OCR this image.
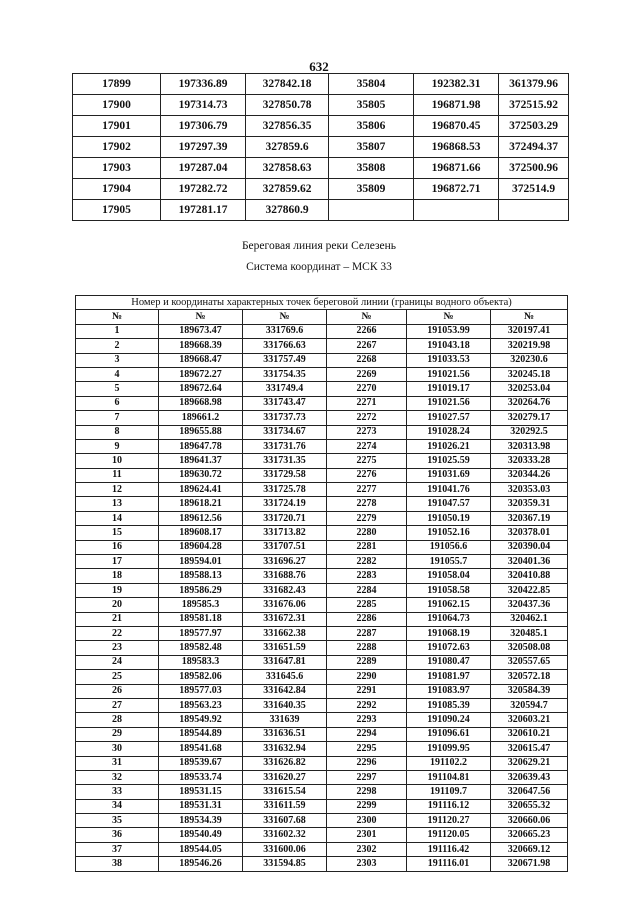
632
17899	197336.89	327842.18	35804	192382.31	361379.96
17900	197314.73	327850.78	35805	196871.98	372515.92
17901	197306.79	327856.35	35806	196870.45	372503.29
17902	197297.39	327859.6	35807	196868.53	372494.37
17903	197287.04	327858.63	35808	196871.66	372500.96
17904	197282.72	327859.62	35809	196872.71	372514.9
17905	197281.17	327860.9			
Береговая линия реки Селезень
Система координат – МСК 33
Номер и координаты характерных точек береговой линии (границы водного объекта)					
№	№	№	№	№	№
1	189673.47	331769.6	2266	191053.99	320197.41
2	189668.39	331766.63	2267	191043.18	320219.98
3	189668.47	331757.49	2268	191033.53	320230.6
4	189672.27	331754.35	2269	191021.56	320245.18
5	189672.64	331749.4	2270	191019.17	320253.04
6	189668.98	331743.47	2271	191021.56	320264.76
7	189661.2	331737.73	2272	191027.57	320279.17
8	189655.88	331734.67	2273	191028.24	320292.5
9	189647.78	331731.76	2274	191026.21	320313.98
10	189641.37	331731.35	2275	191025.59	320333.28
11	189630.72	331729.58	2276	191031.69	320344.26
12	189624.41	331725.78	2277	191041.76	320353.03
13	189618.21	331724.19	2278	191047.57	320359.31
14	189612.56	331720.71	2279	191050.19	320367.19
15	189608.17	331713.82	2280	191052.16	320378.01
16	189604.28	331707.51	2281	191056.6	320390.04
17	189594.01	331696.27	2282	191055.7	320401.36
18	189588.13	331688.76	2283	191058.04	320410.88
19	189586.29	331682.43	2284	191058.58	320422.85
20	189585.3	331676.06	2285	191062.15	320437.36
21	189581.18	331672.31	2286	191064.73	320462.1
22	189577.97	331662.38	2287	191068.19	320485.1
23	189582.48	331651.59	2288	191072.63	320508.08
24	189583.3	331647.81	2289	191080.47	320557.65
25	189582.06	331645.6	2290	191081.97	320572.18
26	189577.03	331642.84	2291	191083.97	320584.39
27	189563.23	331640.35	2292	191085.39	320594.7
28	189549.92	331639	2293	191090.24	320603.21
29	189544.89	331636.51	2294	191096.61	320610.21
30	189541.68	331632.94	2295	191099.95	320615.47
31	189539.67	331626.82	2296	191102.2	320629.21
32	189533.74	331620.27	2297	191104.81	320639.43
33	189531.15	331615.54	2298	191109.7	320647.56
34	189531.31	331611.59	2299	191116.12	320655.32
35	189534.39	331607.68	2300	191120.27	320660.06
36	189540.49	331602.32	2301	191120.05	320665.23
37	189544.05	331600.06	2302	191116.42	320669.12
38	189546.26	331594.85	2303	191116.01	320671.98
